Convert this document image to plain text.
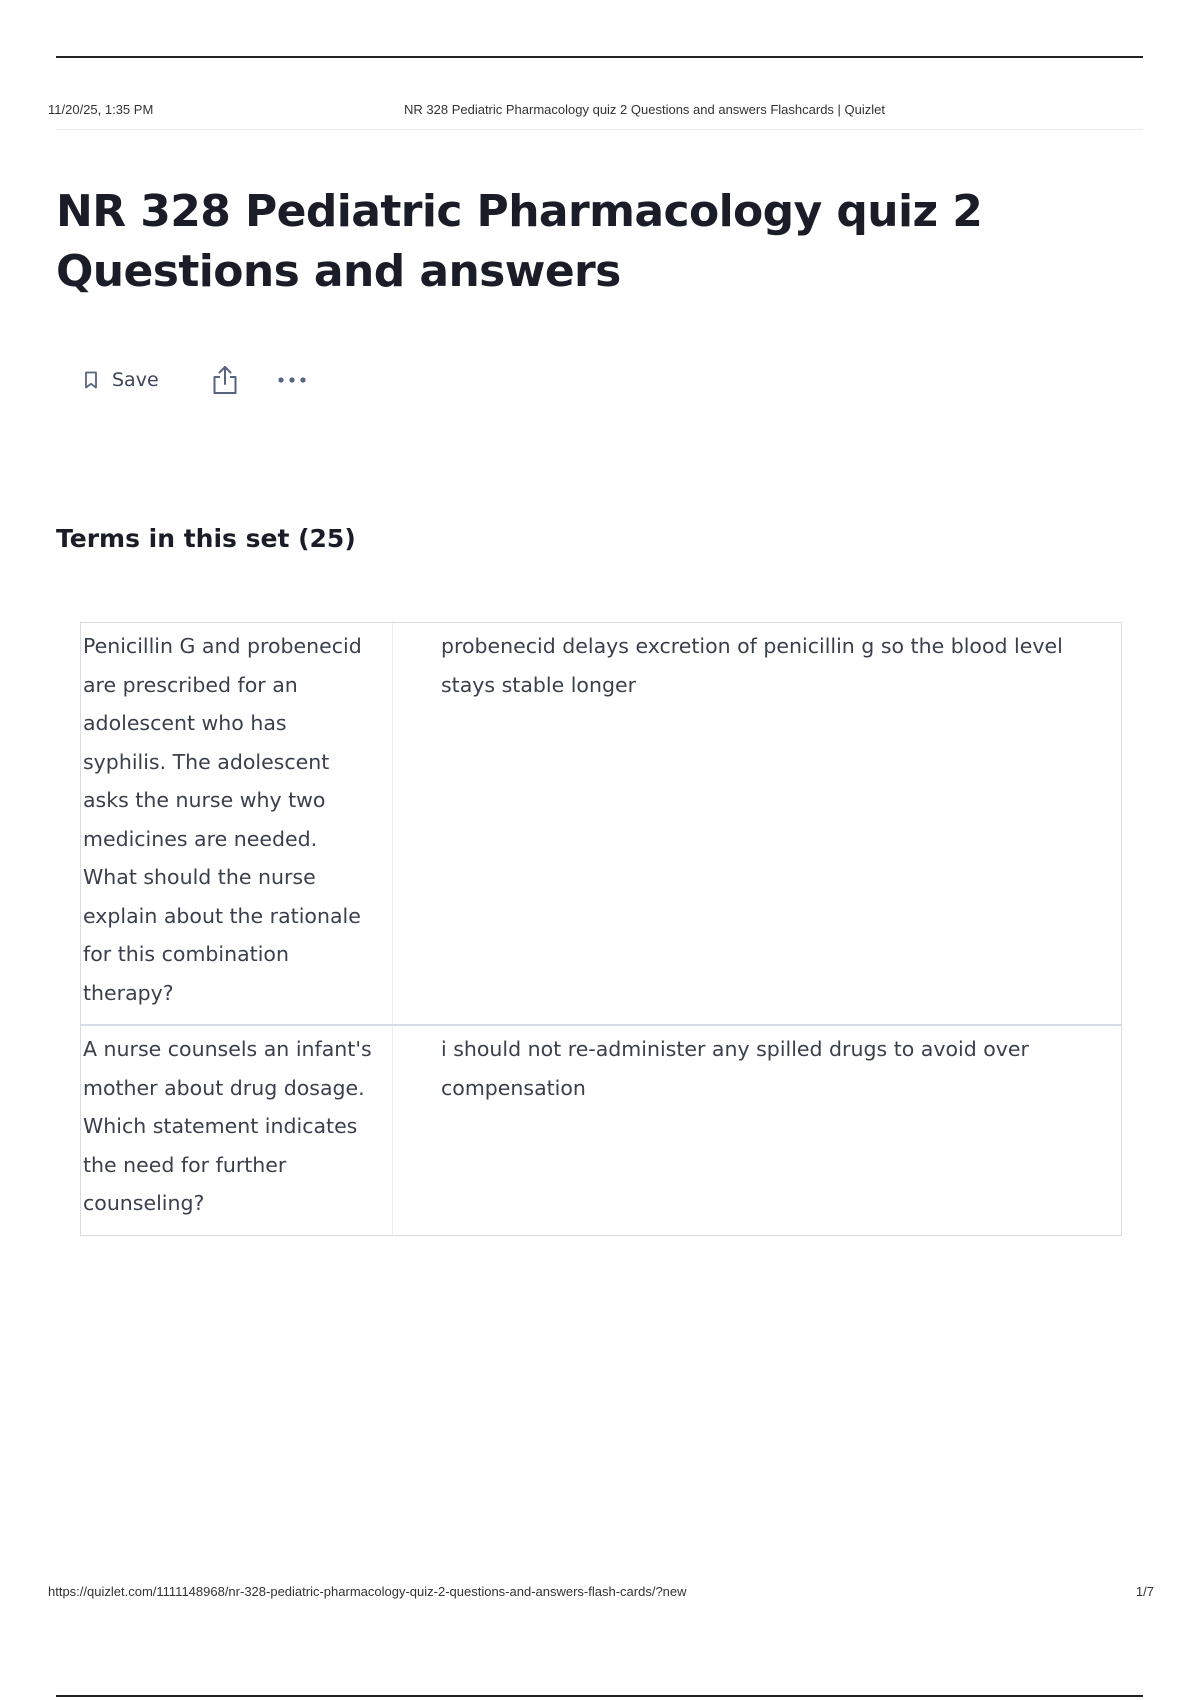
11/20/25, 1:35 PM	NR 328 Pediatric Pharmacology quiz 2 Questions and answers Flashcards | Quizlet
NR 328 Pediatric Pharmacology quiz 2 Questions and answers
Save
Terms in this set (25)
Penicillin G and probenecid are prescribed for an adolescent who has syphilis. The adolescent asks the nurse why two medicines are needed. What should the nurse explain about the rationale for this combination therapy?
probenecid delays excretion of penicillin g so the blood level stays stable longer
A nurse counsels an infant's mother about drug dosage. Which statement indicates the need for further counseling?
i should not re-administer any spilled drugs to avoid over compensation
https://quizlet.com/1111148968/nr-328-pediatric-pharmacology-quiz-2-questions-and-answers-flash-cards/?new	1/7
